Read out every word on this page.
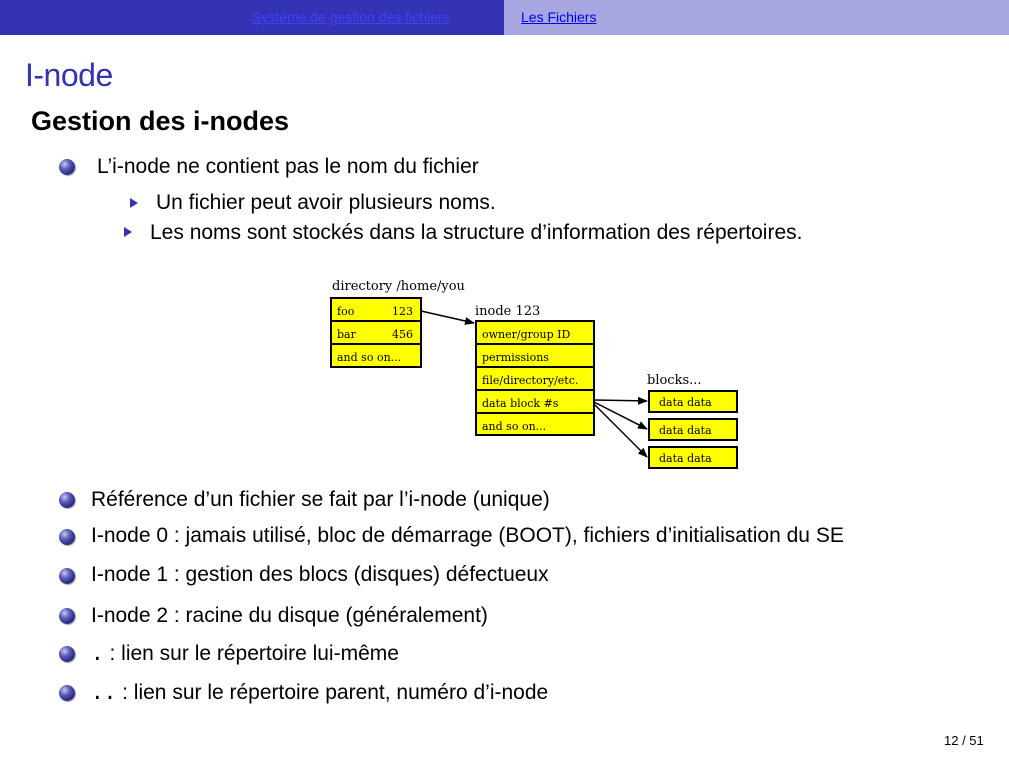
Système de gestion des fichiers	Les Fichiers
I-node
Gestion des i-nodes
L’i-node ne contient pas le nom du fichier
Un fichier peut avoir plusieurs noms.
Les noms sont stockés dans la structure d’information des répertoires.
directory /home/you
foo	123
bar	456
and so on...
inode 123
owner/group ID
permissions
file/directory/etc.
data block #s
and so on...
blocks...
data data
data data
data data
Référence d’un fichier se fait par l’i-node (unique)
I-node 0 : jamais utilisé, bloc de démarrage (BOOT), fichiers d’initialisation du SE
I-node 1 : gestion des blocs (disques) défectueux
I-node 2 : racine du disque (généralement)
. : lien sur le répertoire lui-même
.. : lien sur le répertoire parent, numéro d’i-node
12 / 51
